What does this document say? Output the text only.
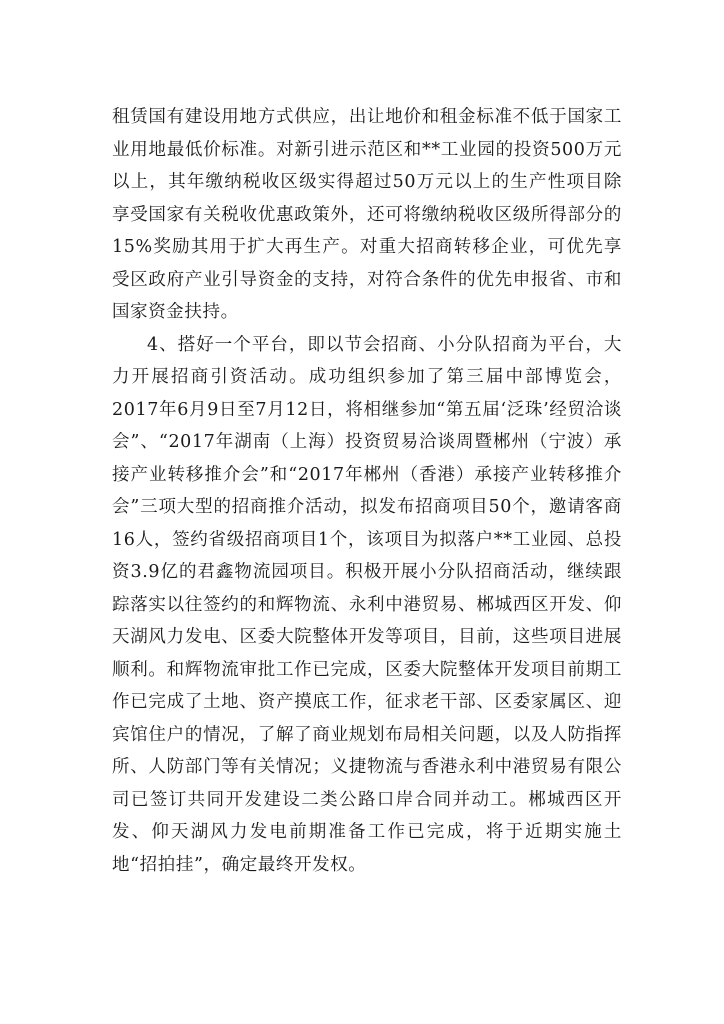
租赁国有建设用地方式供应，出让地价和租金标准不低于国家工业用地最低价标准。对新引进示范区和**工业园的投资500万元以上，其年缴纳税收区级实得超过50万元以上的生产性项目除享受国家有关税收优惠政策外，还可将缴纳税收区级所得部分的15%奖励其用于扩大再生产。对重大招商转移企业，可优先享受区政府产业引导资金的支持，对符合条件的优先申报省、市和国家资金扶持。

4、搭好一个平台，即以节会招商、小分队招商为平台，大力开展招商引资活动。成功组织参加了第三届中部博览会，2017年6月9日至7月12日，将相继参加“第五届‘泛珠’经贸洽谈会”、“2017年湖南（上海）投资贸易洽谈周暨郴州（宁波）承接产业转移推介会”和“2017年郴州（香港）承接产业转移推介会”三项大型的招商推介活动，拟发布招商项目50个，邀请客商16人，签约省级招商项目1个，该项目为拟落户**工业园、总投资3.9亿的君鑫物流园项目。积极开展小分队招商活动，继续跟踪落实以往签约的和辉物流、永利中港贸易、郴城西区开发、仰天湖风力发电、区委大院整体开发等项目，目前，这些项目进展顺利。和辉物流审批工作已完成，区委大院整体开发项目前期工作已完成了土地、资产摸底工作，征求老干部、区委家属区、迎宾馆住户的情况，了解了商业规划布局相关问题，以及人防指挥所、人防部门等有关情况；义捷物流与香港永利中港贸易有限公司已签订共同开发建设二类公路口岸合同并动工。郴城西区开发、仰天湖风力发电前期准备工作已完成，将于近期实施土地“招拍挂”，确定最终开发权。
